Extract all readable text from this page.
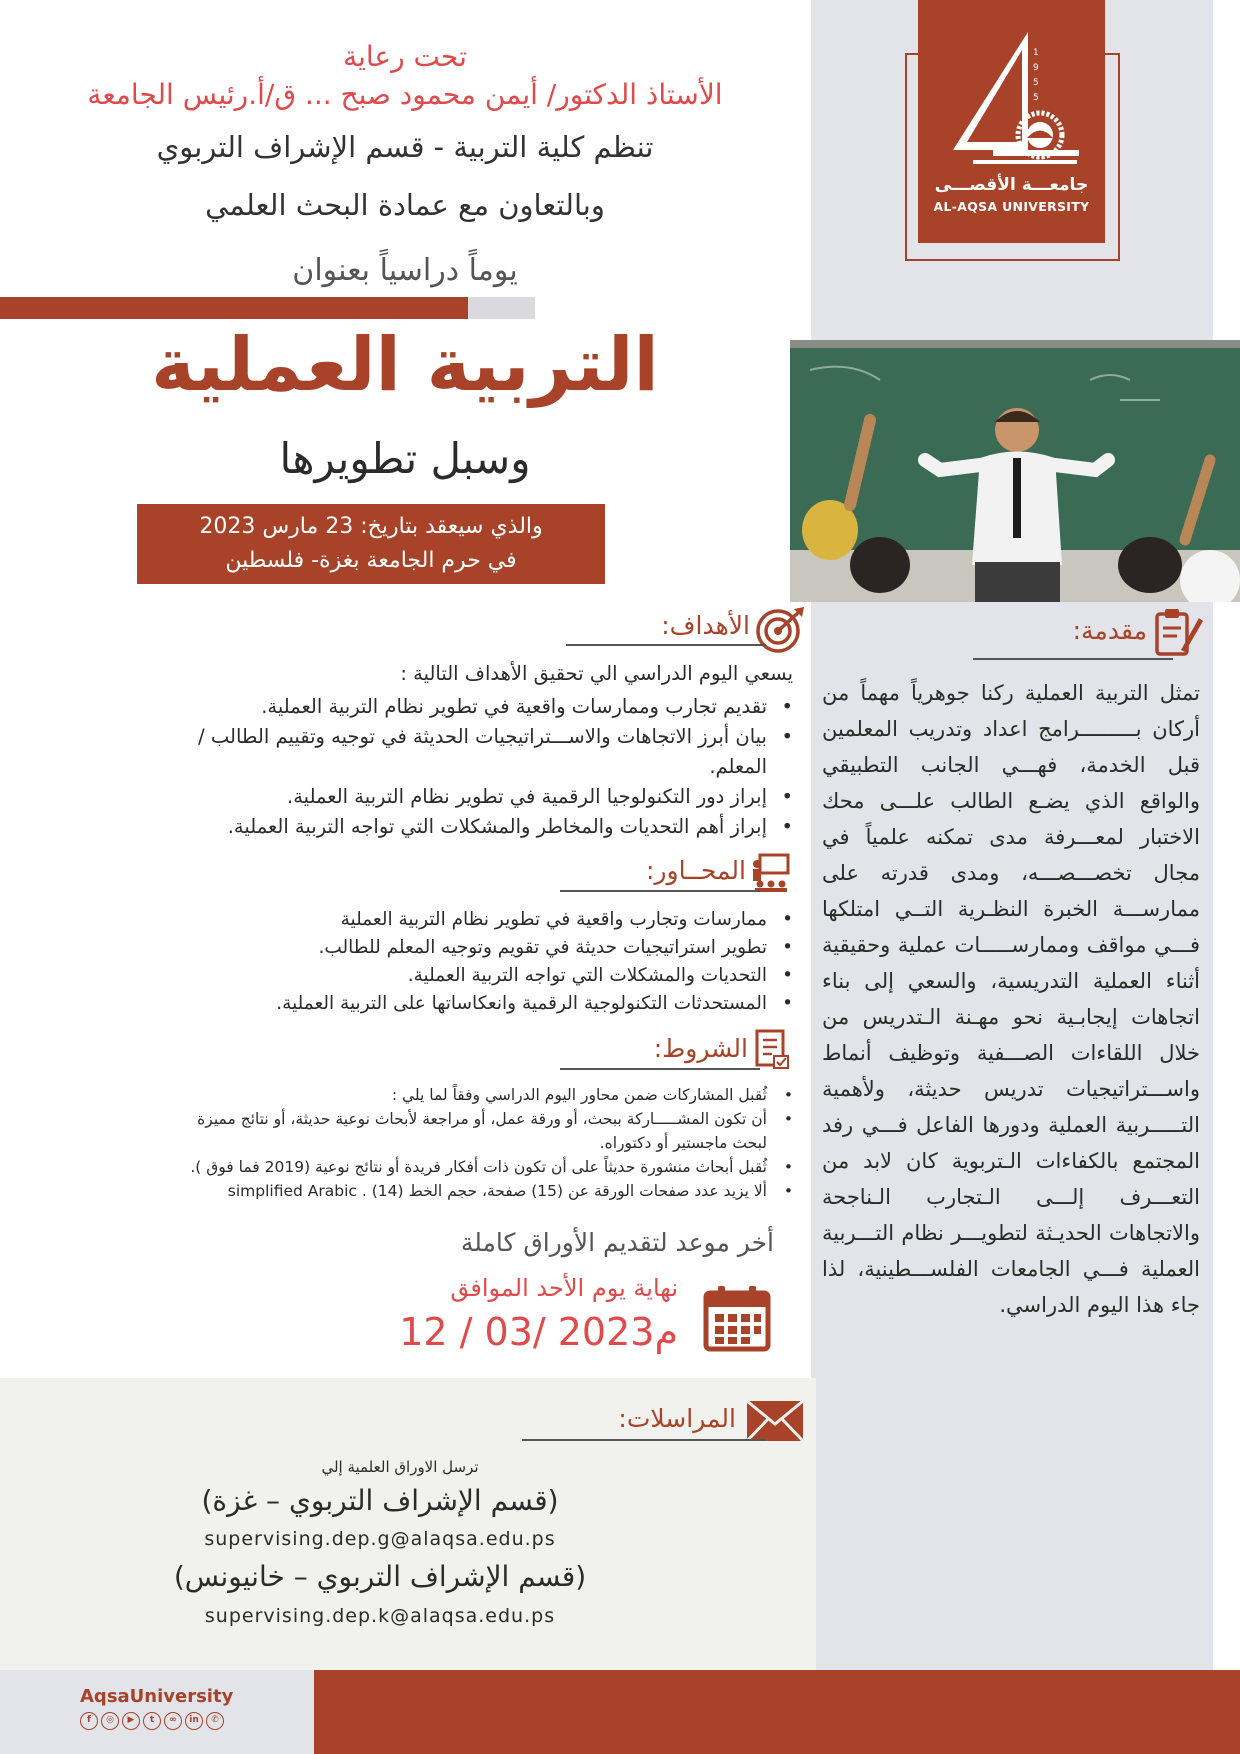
1
9
5
5
جامعـــة الأقصـــى
AL-AQSA UNIVERSITY
تحت رعاية
الأستاذ الدكتور/ أيمن محمود صبح ... ق/أ.رئيس الجامعة
تنظم كلية التربية - قسم الإشراف التربوي
وبالتعاون مع عمادة البحث العلمي
يوماً دراسياً بعنوان
التربية العملية
وسبل تطويرها
والذي سيعقد بتاريخ: 23 مارس 2023
في حرم الجامعة بغزة- فلسطين
مقدمة:
تمثل التربية العملية ركنا جوهرياً مهماً من أركان بـــــــــرامج اعداد وتدريب المعلمين قبل الخدمة، فهـــي الجانب التطبيقي والواقع الذي يضـع الطالب علـــى محك الاختبار لمعـــرفة مدى تمكنه علمياً في مجال تخصـــصـــه، ومدى قدرته على ممارســـة الخبرة النظـرية التــي امتلكها فـــي مواقف وممارســـــات عملية وحقيقية أثناء العملية التدريسية، والسعي إلى بناء اتجاهات إيجابـية نحو مهـنة الـتدريس من خلال اللقاءات الصـــفية وتوظيف أنماط واســـتراتيجيات تدريس حديثة، ولأهمية التـــــربية العملية ودورها الفاعل فـــي رفد المجتمع بالكفاءات الـتربوية كان لابد من التعـــرف إلـــى الـتجارب الـناجحة والاتجاهات الحديـثة لتطويـــر نظام التـــربية العملية فـــي الجامعات الفلســـطينية، لذا جاء هذا اليوم الدراسي.
الأهداف:
يسعي اليوم الدراسي الي تحقيق الأهداف التالية :
• تقديم تجارب وممارسات واقعية في تطوير نظام التربية العملية.
• بيان أبرز الاتجاهات والاســـتراتيجيات الحديثة في توجيه وتقييم الطالب /
المعلم.
• إبراز دور التكنولوجيا الرقمية في تطوير نظام التربية العملية.
• إبراز أهم التحديات والمخاطر والمشكلات التي تواجه التربية العملية.
المحــاور:
• ممارسات وتجارب واقعية في تطوير نظام التربية العملية
• تطوير استراتيجيات حديثة في تقويم وتوجيه المعلم للطالب.
• التحديات والمشكلات التي تواجه التربية العملية.
• المستحدثات التكنولوجية الرقمية وانعكاساتها على التربية العملية.
الشروط:
• ثُقبل المشاركات ضمن محاور اليوم الدراسي وفقاً لما يلي :
• أن تكون المشـــــاركة ببحث، أو ورقة عمل، أو مراجعة لأبحاث نوعية حديثة، أو نتائج مميزة
لبحث ماجستير أو دكتوراه.
• ثُقبل أبحاث منشورة حديثاً على أن تكون ذات أفكار فريدة أو نتائج نوعية (2019 فما فوق ).
• ألا يزيد عدد صفحات الورقة عن (15) صفحة، حجم الخط (14) . simplified Arabic
أخر موعد لتقديم الأوراق كاملة
نهاية يوم الأحد الموافق
12 / 03/ 2023م
المراسلات:
ترسل الاوراق العلمية إلي
(قسم الإشراف التربوي – غزة)
supervising.dep.g@alaqsa.edu.ps
(قسم الإشراف التربوي – خانيونس)
supervising.dep.k@alaqsa.edu.ps
AqsaUniversity
f	◎	▶	t	∞	in	✆
